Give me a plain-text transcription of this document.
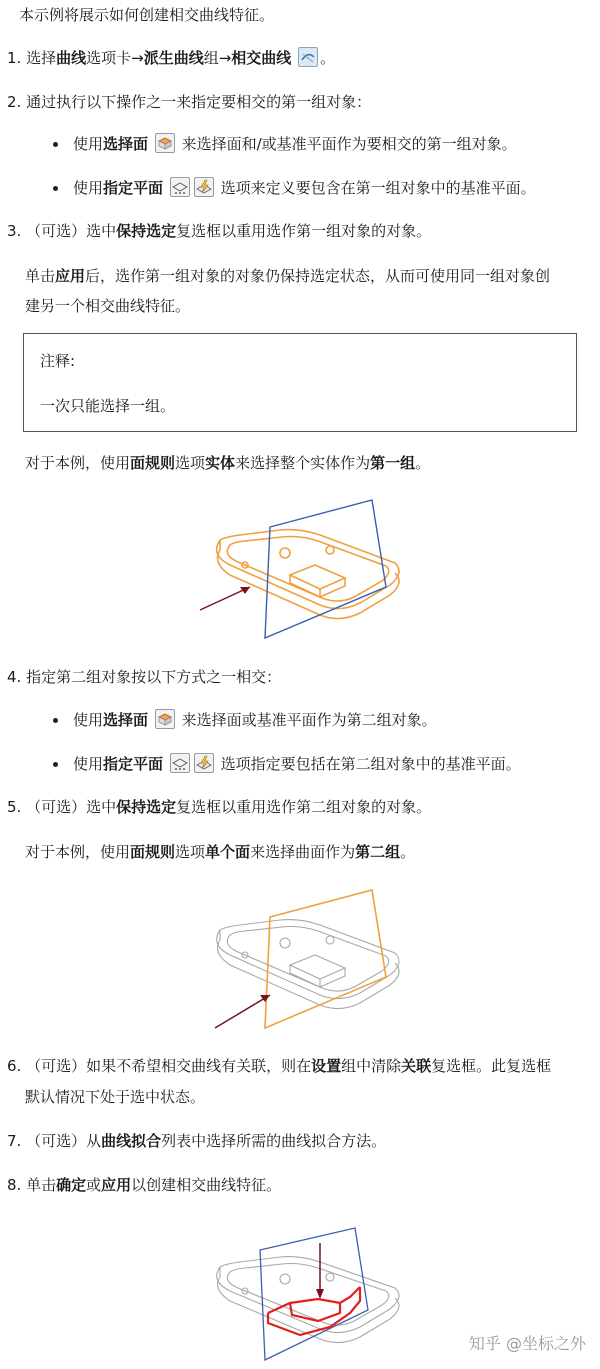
本示例将展示如何创建相交曲线特征。
1. 选择曲线选项卡→派生曲线组→相交曲线 。
2. 通过执行以下操作之一来指定要相交的第一组对象：
使用选择面 来选择面和/或基准平面作为要相交的第一组对象。
使用指定平面	选项来定义要包含在第一组对象中的基准平面。
3. （可选）选中保持选定复选框以重用选作第一组对象的对象。
单击应用后，选作第一组对象的对象仍保持选定状态，从而可使用同一组对象创
建另一个相交曲线特征。
注释:
一次只能选择一组。
对于本例，使用面规则选项实体来选择整个实体作为第一组。
4. 指定第二组对象按以下方式之一相交：
使用选择面 来选择面或基准平面作为第二组对象。
使用指定平面	选项指定要包括在第二组对象中的基准平面。
5. （可选）选中保持选定复选框以重用选作第二组对象的对象。
对于本例，使用面规则选项单个面来选择曲面作为第二组。
6. （可选）如果不希望相交曲线有关联，则在设置组中清除关联复选框。此复选框
默认情况下处于选中状态。
7. （可选）从曲线拟合列表中选择所需的曲线拟合方法。
8. 单击确定或应用以创建相交曲线特征。
知乎 @坐标之外
